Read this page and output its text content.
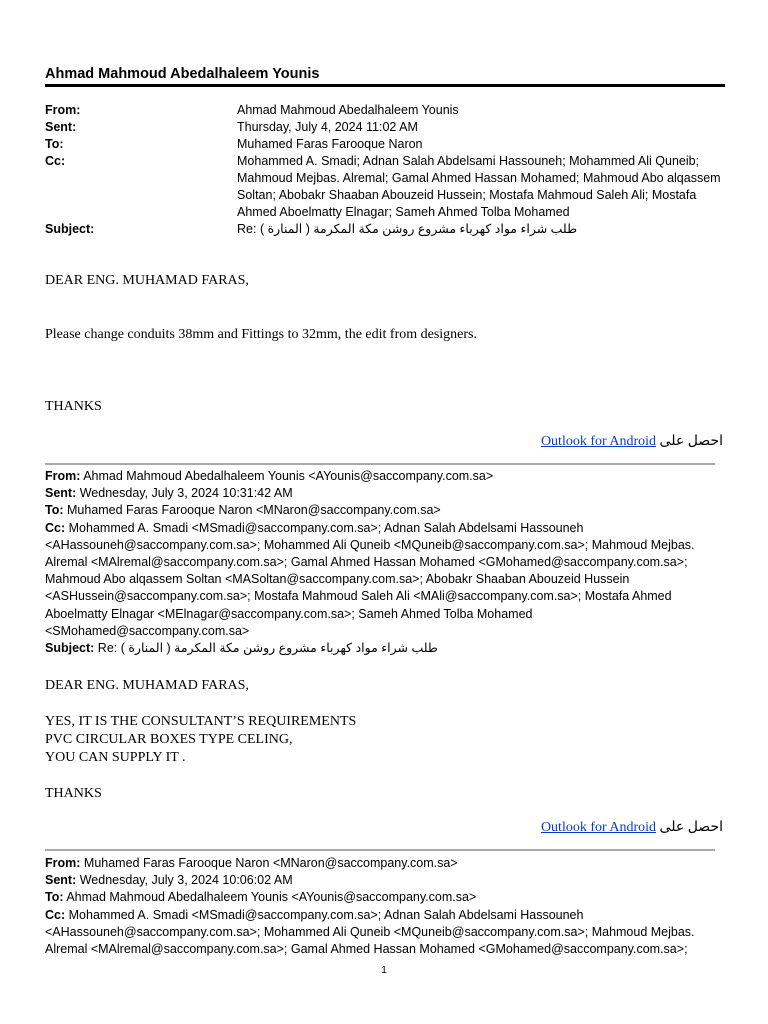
Ahmad Mahmoud Abedalhaleem Younis
From:	Ahmad Mahmoud Abedalhaleem Younis
Sent:	Thursday, July 4, 2024 11:02 AM
To:	Muhamed Faras Farooque Naron
Cc:	Mohammed A. Smadi; Adnan Salah Abdelsami Hassouneh; Mohammed Ali Quneib; Mahmoud Mejbas. Alremal; Gamal Ahmed Hassan Mohamed; Mahmoud Abo alqassem Soltan; Abobakr Shaaban Abouzeid Hussein; Mostafa Mahmoud Saleh Ali; Mostafa Ahmed Aboelmatty Elnagar; Sameh Ahmed Tolba Mohamed
Subject:	Re: طلب شراء مواد كهرباء مشروع روشن مكة المكرمة ( المنارة )

DEAR ENG. MUHAMAD FARAS,

Please change conduits 38mm and Fittings to 32mm, the edit from designers.

THANKS

Outlook for Android احصل على
From: Ahmad Mahmoud Abedalhaleem Younis <AYounis@saccompany.com.sa>
Sent: Wednesday, July 3, 2024 10:31:42 AM
To: Muhamed Faras Farooque Naron <MNaron@saccompany.com.sa>
Cc: Mohammed A. Smadi <MSmadi@saccompany.com.sa>; Adnan Salah Abdelsami Hassouneh
<AHassouneh@saccompany.com.sa>; Mohammed Ali Quneib <MQuneib@saccompany.com.sa>; Mahmoud Mejbas.
Alremal <MAlremal@saccompany.com.sa>; Gamal Ahmed Hassan Mohamed <GMohamed@saccompany.com.sa>;
Mahmoud Abo alqassem Soltan <MASoltan@saccompany.com.sa>; Abobakr Shaaban Abouzeid Hussein
<ASHussein@saccompany.com.sa>; Mostafa Mahmoud Saleh Ali <MAli@saccompany.com.sa>; Mostafa Ahmed
Aboelmatty Elnagar <MElnagar@saccompany.com.sa>; Sameh Ahmed Tolba Mohamed
<SMohamed@saccompany.com.sa>
Subject: Re: طلب شراء مواد كهرباء مشروع روشن مكة المكرمة ( المنارة )

DEAR ENG. MUHAMAD FARAS,

YES, IT IS THE CONSULTANT’S REQUIREMENTS

PVC CIRCULAR BOXES TYPE CELING,

YOU CAN SUPPLY IT .

THANKS

Outlook for Android احصل على
From: Muhamed Faras Farooque Naron <MNaron@saccompany.com.sa>
Sent: Wednesday, July 3, 2024 10:06:02 AM
To: Ahmad Mahmoud Abedalhaleem Younis <AYounis@saccompany.com.sa>
Cc: Mohammed A. Smadi <MSmadi@saccompany.com.sa>; Adnan Salah Abdelsami Hassouneh
<AHassouneh@saccompany.com.sa>; Mohammed Ali Quneib <MQuneib@saccompany.com.sa>; Mahmoud Mejbas.
Alremal <MAlremal@saccompany.com.sa>; Gamal Ahmed Hassan Mohamed <GMohamed@saccompany.com.sa>;
1
